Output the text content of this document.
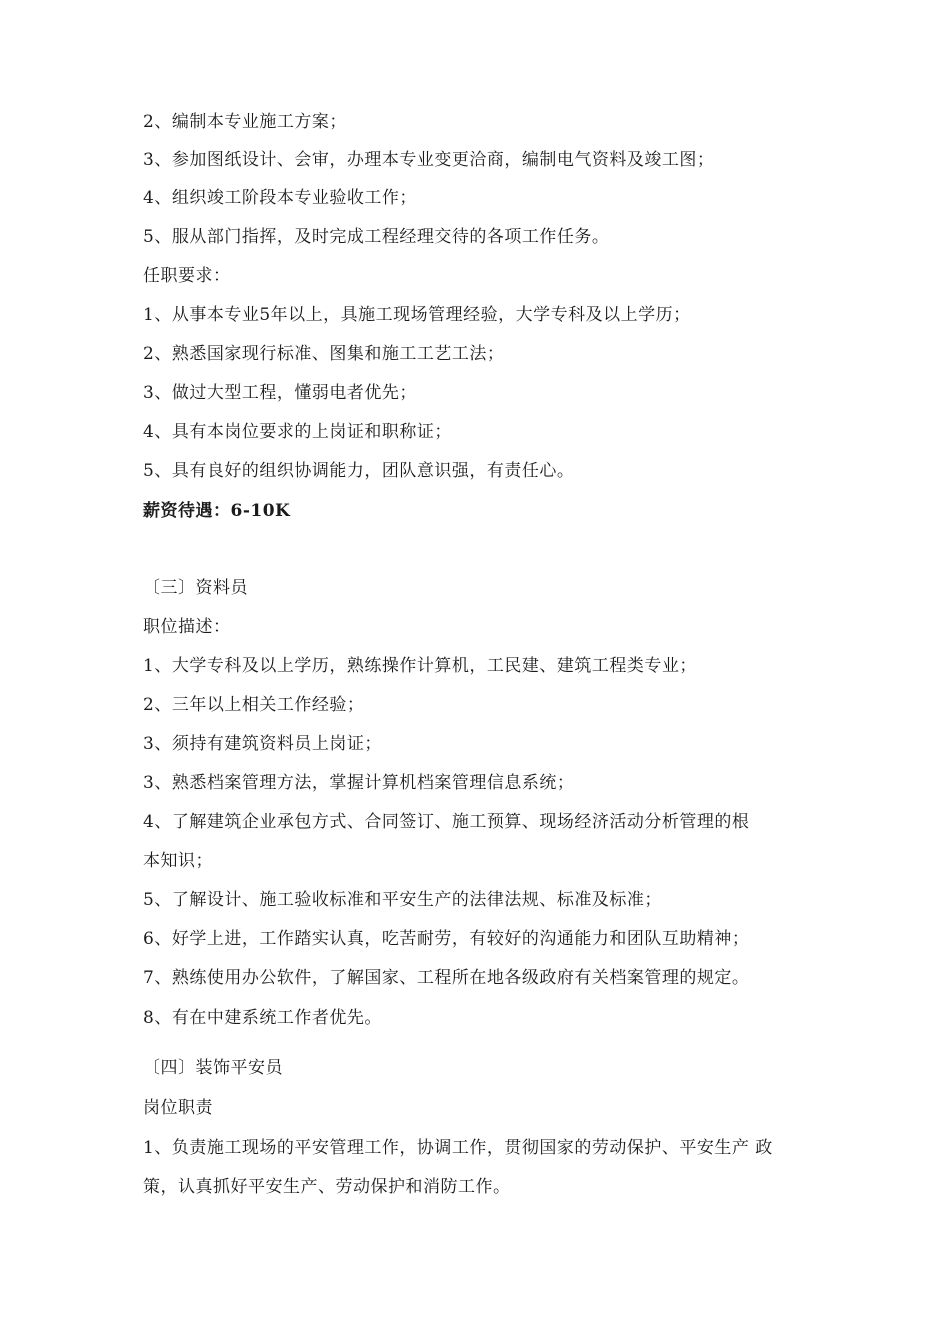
2、编制本专业施工方案；
3、参加图纸设计、会审，办理本专业变更洽商，编制电气资料及竣工图；
4、组织竣工阶段本专业验收工作；
5、服从部门指挥，及时完成工程经理交待的各项工作任务。
任职要求：
1、从事本专业5年以上，具施工现场管理经验，大学专科及以上学历；
2、熟悉国家现行标准、图集和施工工艺工法；
3、做过大型工程，懂弱电者优先；
4、具有本岗位要求的上岗证和职称证；
5、具有良好的组织协调能力，团队意识强，有责任心。
薪资待遇：6-10K
〔三〕资料员
职位描述：
1、大学专科及以上学历，熟练操作计算机，工民建、建筑工程类专业；
2、三年以上相关工作经验；
3、须持有建筑资料员上岗证；
3、熟悉档案管理方法，掌握计算机档案管理信息系统；
4、了解建筑企业承包方式、合同签订、施工预算、现场经济活动分析管理的根
本知识；
5、了解设计、施工验收标准和平安生产的法律法规、标准及标准；
6、好学上进，工作踏实认真，吃苦耐劳，有较好的沟通能力和团队互助精神；
7、熟练使用办公软件，了解国家、工程所在地各级政府有关档案管理的规定。
8、有在中建系统工作者优先。
〔四〕装饰平安员
岗位职责
1、负责施工现场的平安管理工作，协调工作，贯彻国家的劳动保护、平安生产 政
策，认真抓好平安生产、劳动保护和消防工作。
